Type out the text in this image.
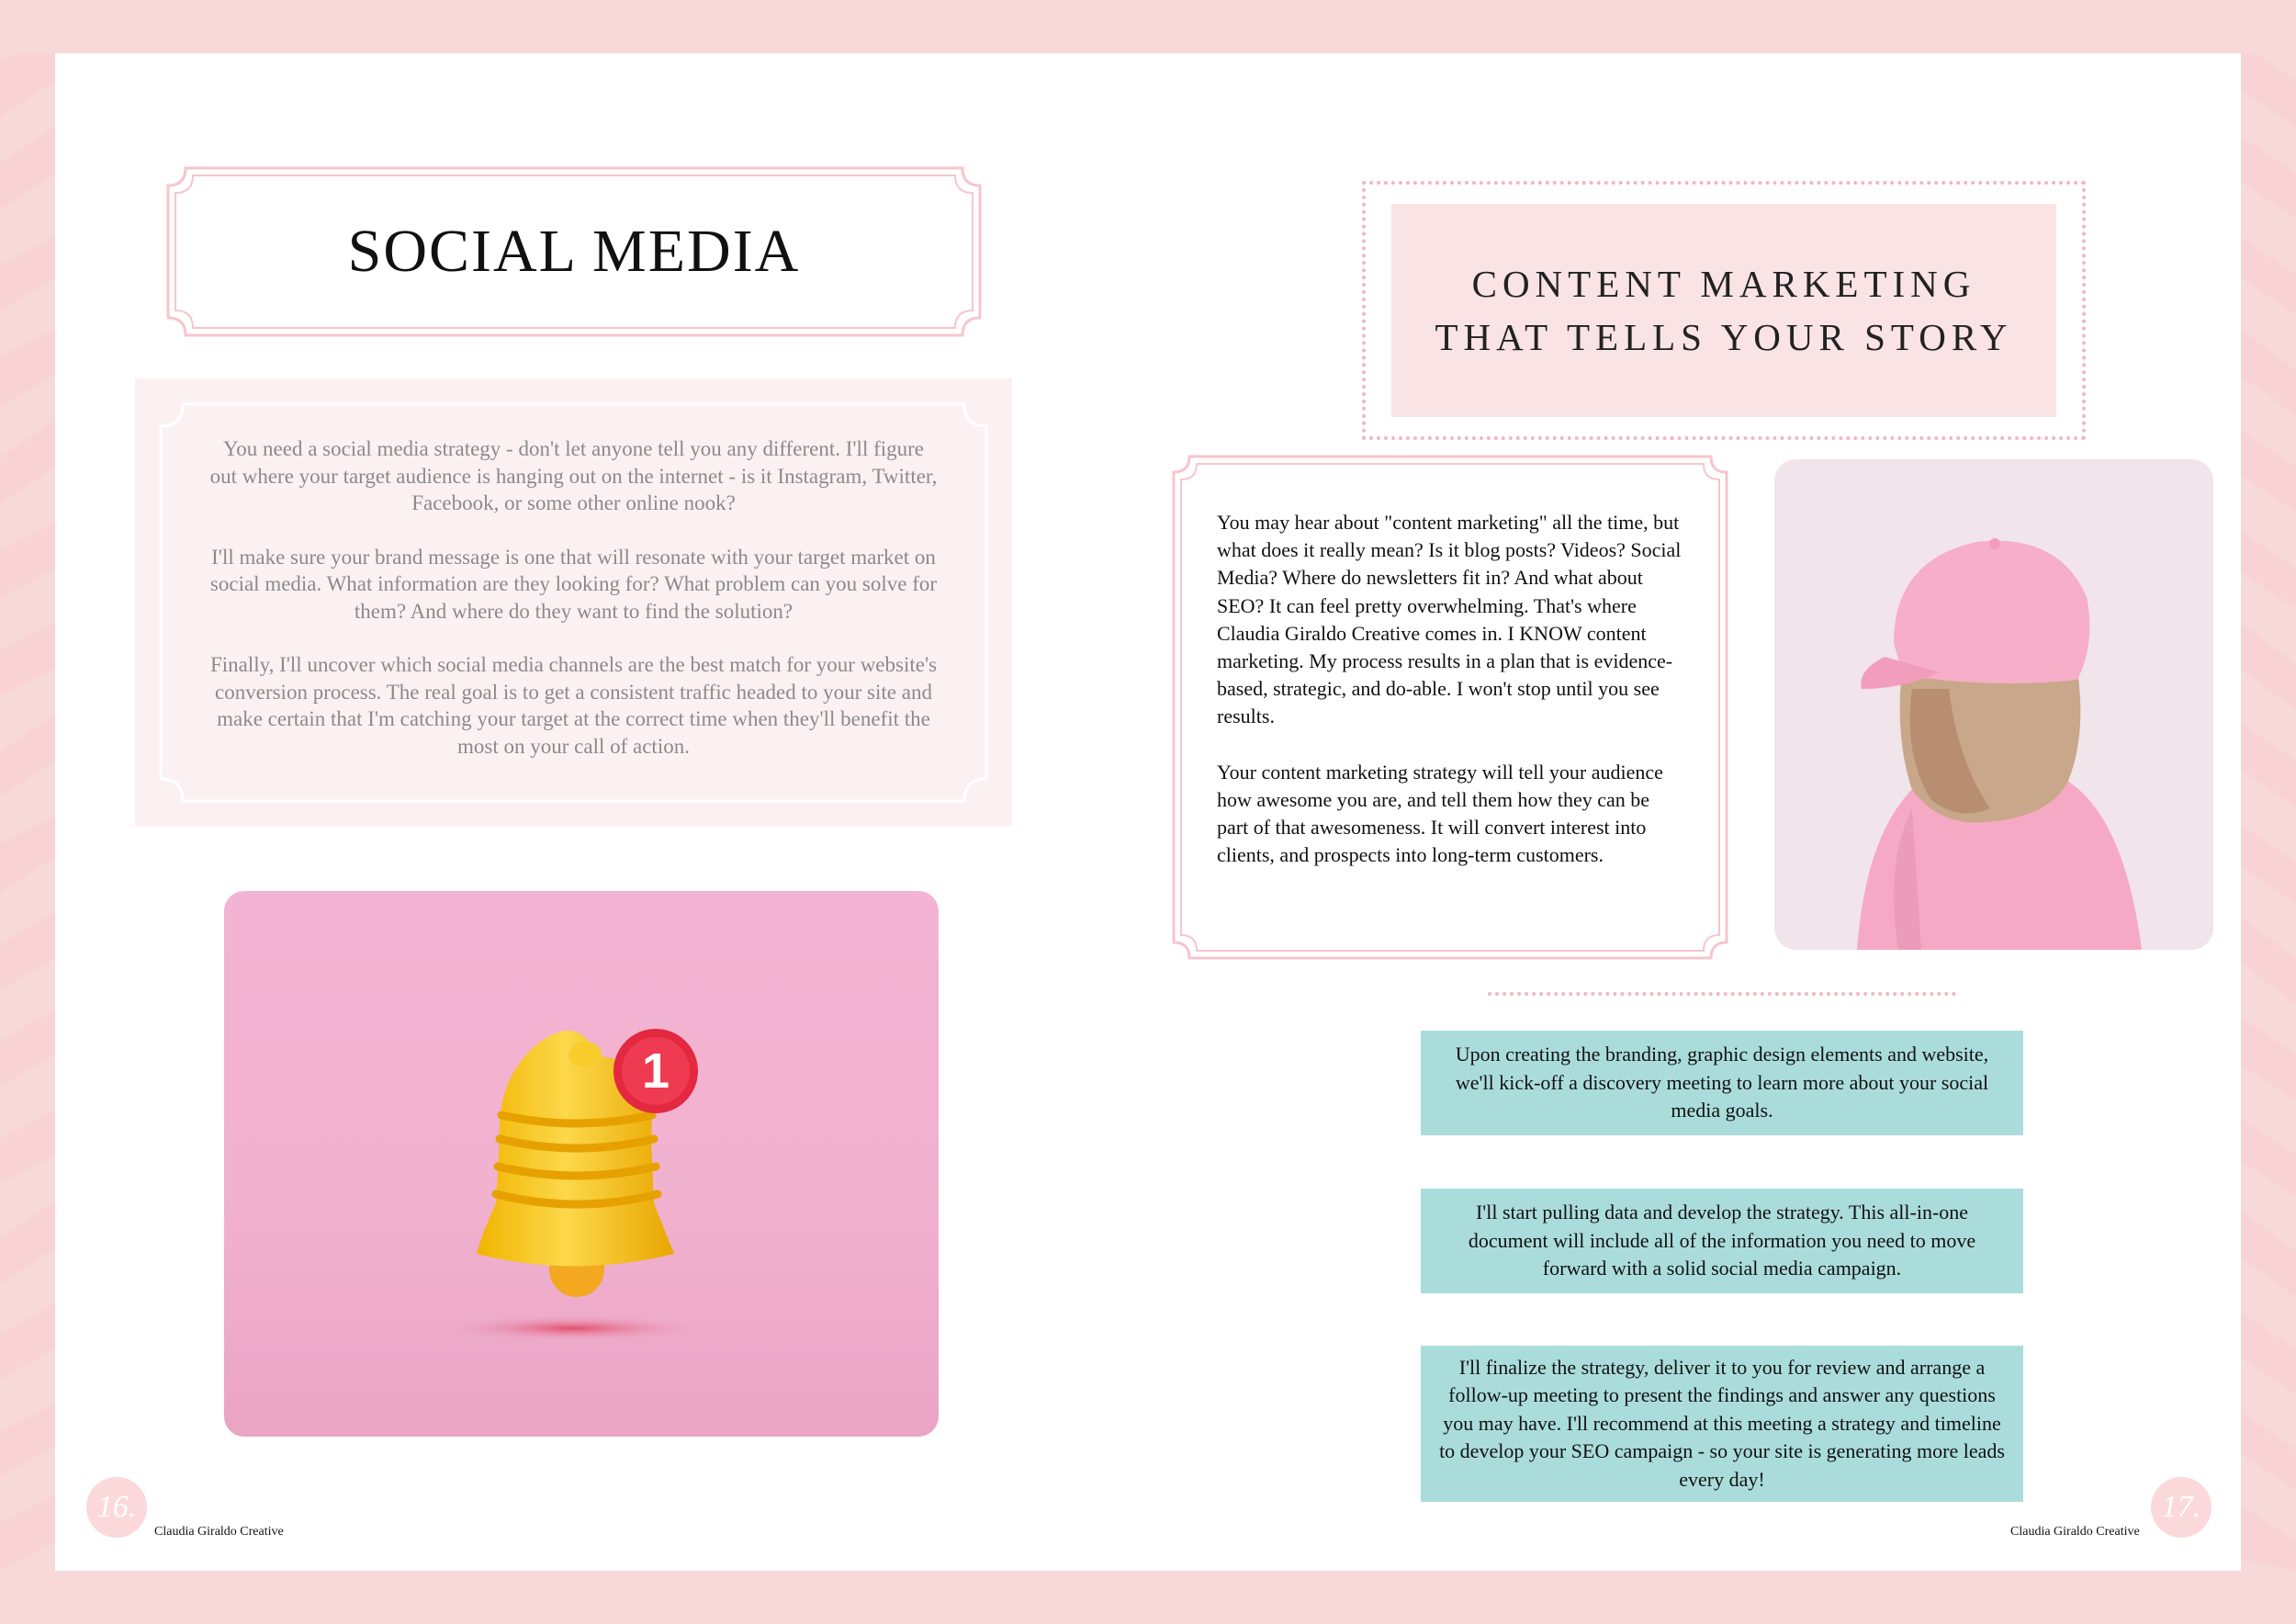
SOCIAL MEDIA

You need a social media strategy - don't let anyone tell you any different. I'll figure out where your target audience is hanging out on the internet - is it Instagram, Twitter, Facebook, or some other online nook?

I'll make sure your brand message is one that will resonate with your target market on social media. What information are they looking for? What problem can you solve for them? And where do they want to find the solution?

Finally, I'll uncover which social media channels are the best match for your website's conversion process. The real goal is to get a consistent traffic headed to your site and make certain that I'm catching your target at the correct time when they'll benefit the most on your call of action.

1
16.
Claudia Giraldo Creative
CONTENT MARKETING
THAT TELLS YOUR STORY

You may hear about "content marketing" all the time, but what does it really mean? Is it blog posts? Videos? Social Media? Where do newsletters fit in? And what about SEO? It can feel pretty overwhelming. That's where Claudia Giraldo Creative comes in. I KNOW content marketing. My process results in a plan that is evidence-based, strategic, and do-able. I won't stop until you see results.

Your content marketing strategy will tell your audience how awesome you are, and tell them how they can be part of that awesomeness. It will convert interest into clients, and prospects into long-term customers.

Upon creating the branding, graphic design elements and website, we'll kick-off a discovery meeting to learn more about your social media goals.
I'll start pulling data and develop the strategy. This all-in-one document will include all of the information you need to move forward with a solid social media campaign.
I'll finalize the strategy, deliver it to you for review and arrange a follow-up meeting to present the findings and answer any questions you may have. I'll recommend at this meeting a strategy and timeline to develop your SEO campaign - so your site is generating more leads every day!
17.
Claudia Giraldo Creative
